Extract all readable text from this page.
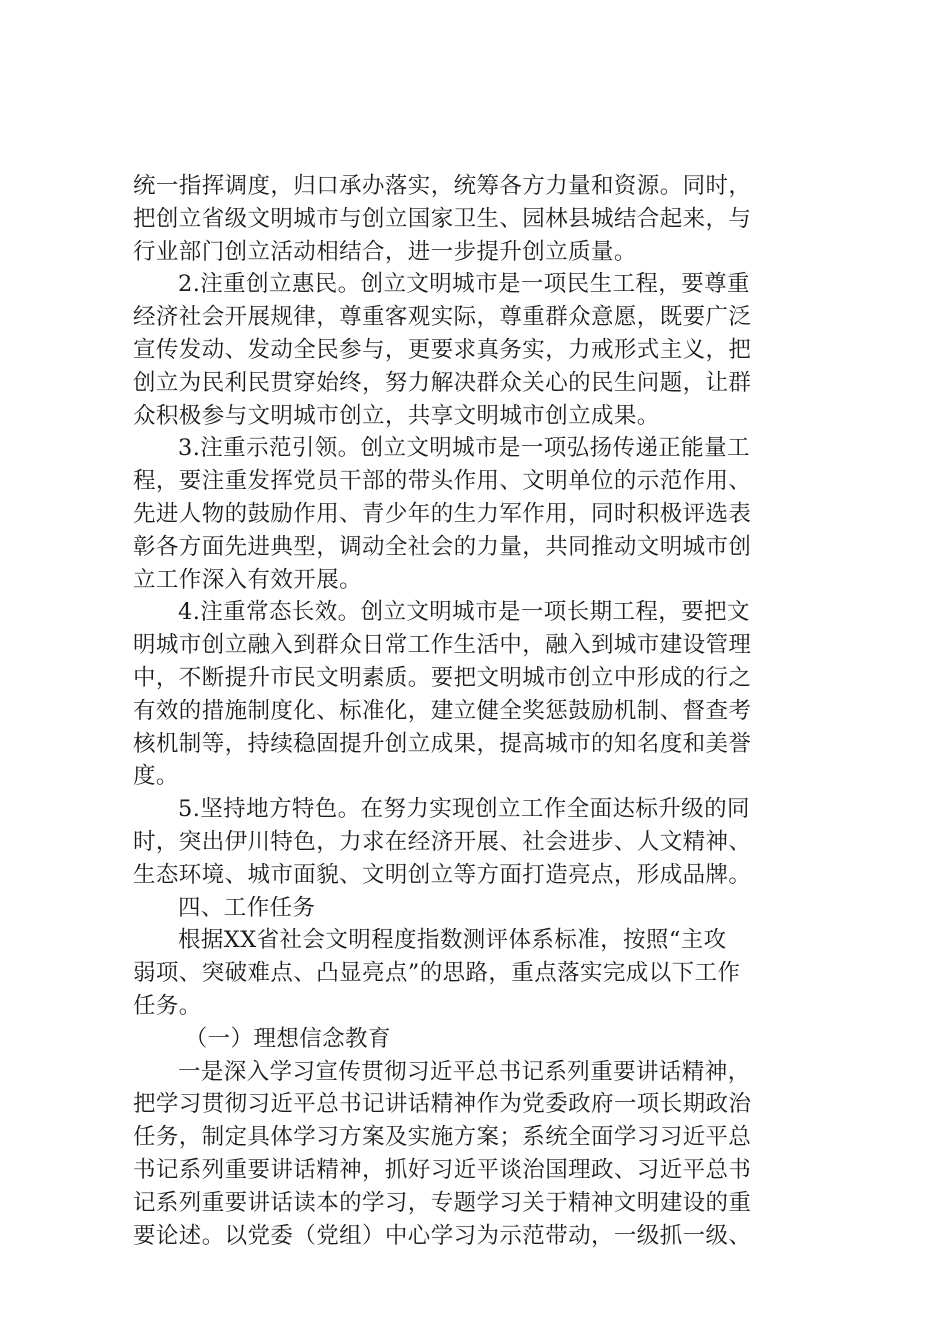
统一指挥调度，归口承办落实，统筹各方力量和资源。同时，
把创立省级文明城市与创立国家卫生、园林县城结合起来，与
行业部门创立活动相结合，进一步提升创立质量。

2.注重创立惠民。创立文明城市是一项民生工程，要尊重
经济社会开展规律，尊重客观实际，尊重群众意愿，既要广泛
宣传发动、发动全民参与，更要求真务实，力戒形式主义，把
创立为民利民贯穿始终，努力解决群众关心的民生问题，让群
众积极参与文明城市创立，共享文明城市创立成果。

3.注重示范引领。创立文明城市是一项弘扬传递正能量工
程，要注重发挥党员干部的带头作用、文明单位的示范作用、
先进人物的鼓励作用、青少年的生力军作用，同时积极评选表
彰各方面先进典型，调动全社会的力量，共同推动文明城市创
立工作深入有效开展。

4.注重常态长效。创立文明城市是一项长期工程，要把文
明城市创立融入到群众日常工作生活中，融入到城市建设管理
中，不断提升市民文明素质。要把文明城市创立中形成的行之
有效的措施制度化、标准化，建立健全奖惩鼓励机制、督查考
核机制等，持续稳固提升创立成果，提高城市的知名度和美誉
度。

5.坚持地方特色。在努力实现创立工作全面达标升级的同
时，突出伊川特色，力求在经济开展、社会进步、人文精神、
生态环境、城市面貌、文明创立等方面打造亮点，形成品牌。

四、工作任务

根据XX省社会文明程度指数测评体系标准，按照“主攻
弱项、突破难点、凸显亮点”的思路，重点落实完成以下工作
任务。

（一）理想信念教育

一是深入学习宣传贯彻习近平总书记系列重要讲话精神，
把学习贯彻习近平总书记讲话精神作为党委政府一项长期政治
任务，制定具体学习方案及实施方案；系统全面学习习近平总
书记系列重要讲话精神，抓好习近平谈治国理政、习近平总书
记系列重要讲话读本的学习，专题学习关于精神文明建设的重
要论述。以党委（党组）中心学习为示范带动，一级抓一级、
